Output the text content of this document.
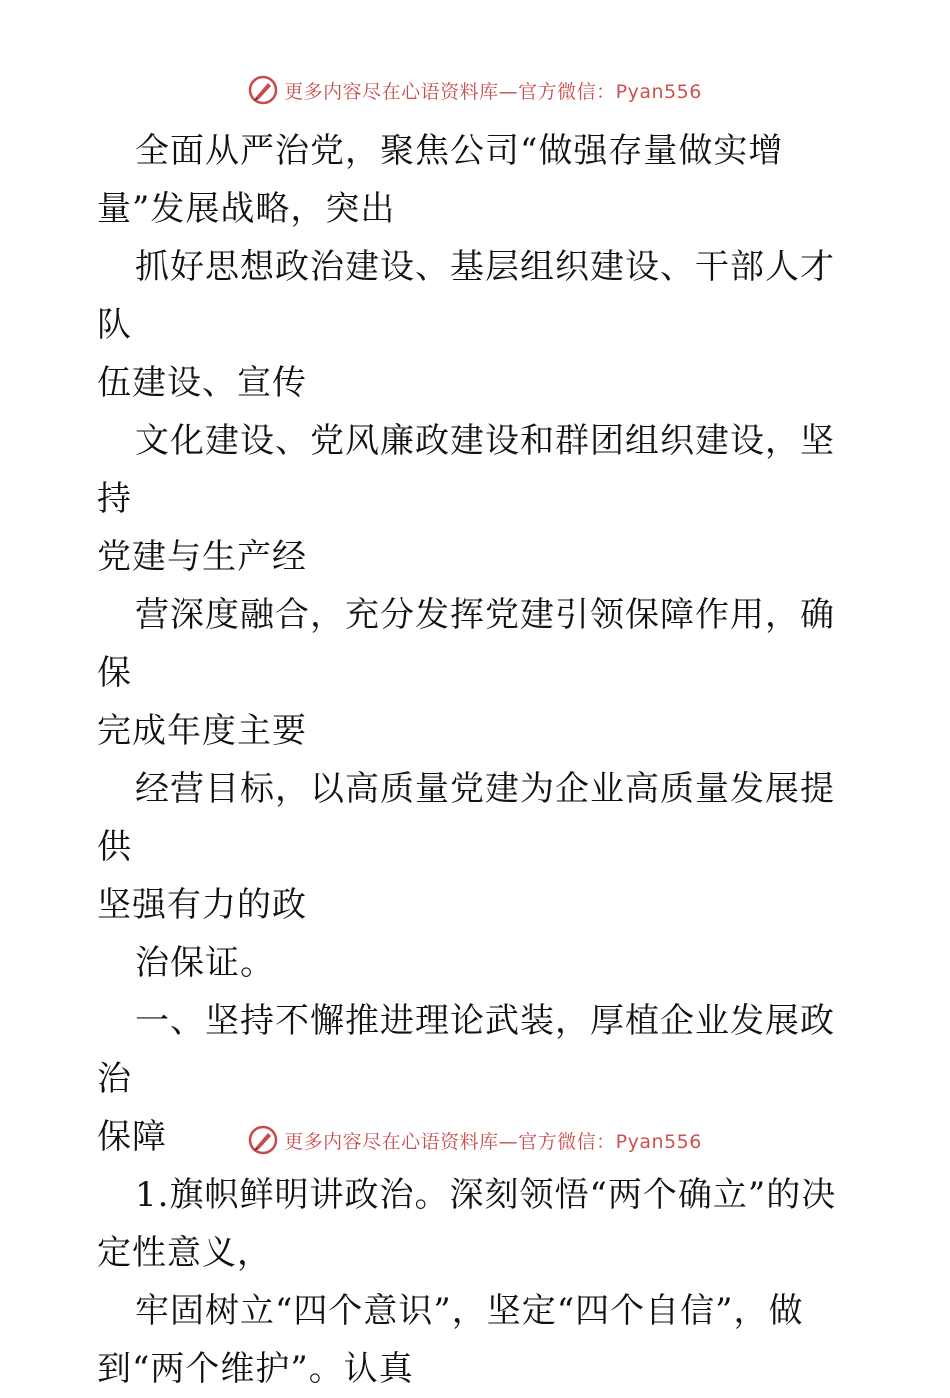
更多内容尽在心语资料库—官方微信：Pyan556

全面从严治党，聚焦公司“做强存量做实增

量”发展战略，突出

抓好思想政治建设、基层组织建设、干部人才队

伍建设、宣传

文化建设、党风廉政建设和群团组织建设，坚持

党建与生产经

营深度融合，充分发挥党建引领保障作用，确保

完成年度主要

经营目标，以高质量党建为企业高质量发展提供

坚强有力的政

治保证。

一、坚持不懈推进理论武装，厚植企业发展政治

保障

1.旗帜鲜明讲政治。深刻领悟“两个确立”的决

定性意义，

牢固树立“四个意识”，坚定“四个自信”，做

到“两个维护”。认真

更多内容尽在心语资料库—官方微信：Pyan556
